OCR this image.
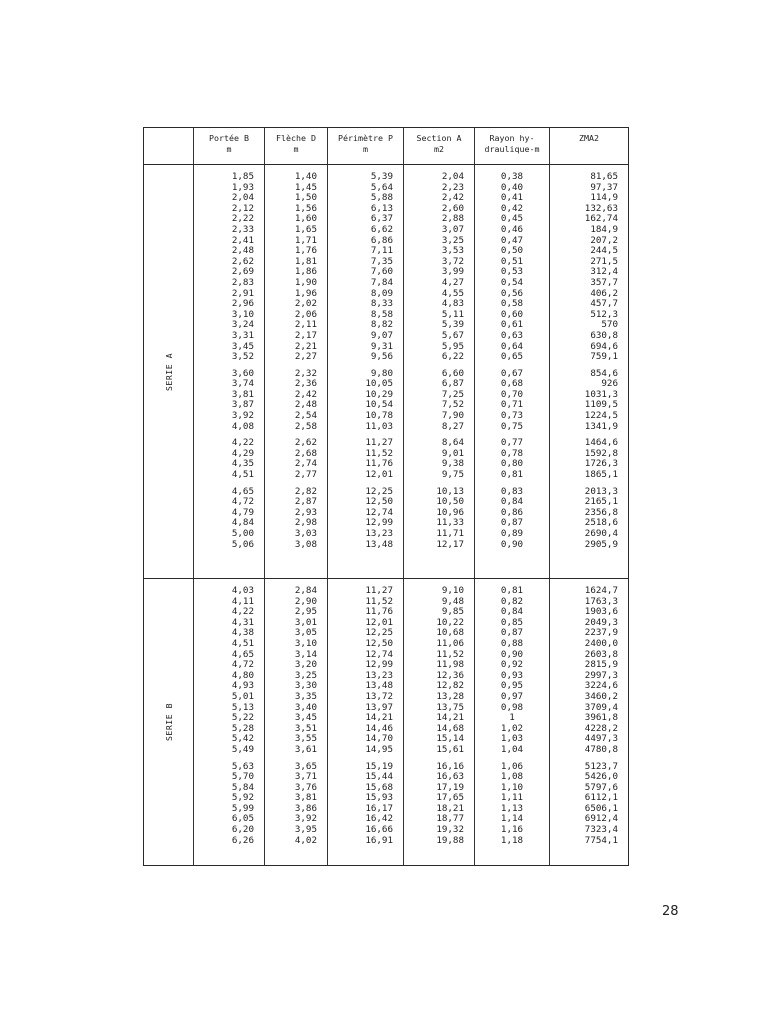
Portée B
m
Flèche D
m
Périmètre P
m
Section A
m2
Rayon hy-
draulique-m
ZMA2
SERIE A
1,85
1,93
2,04
2,12
2,22
2,33
2,41
2,48
2,62
2,69
2,83
2,91
2,96
3,10
3,24
3,31
3,45
3,52
3,60
3,74
3,81
3,87
3,92
4,08
4,22
4,29
4,35
4,51
4,65
4,72
4,79
4,84
5,00
5,06
1,40
1,45
1,50
1,56
1,60
1,65
1,71
1,76
1,81
1,86
1,90
1,96
2,02
2,06
2,11
2,17
2,21
2,27
2,32
2,36
2,42
2,48
2,54
2,58
2,62
2,68
2,74
2,77
2,82
2,87
2,93
2,98
3,03
3,08
5,39
5,64
5,88
6,13
6,37
6,62
6,86
7,11
7,35
7,60
7,84
8,09
8,33
8,58
8,82
9,07
9,31
9,56
9,80
10,05
10,29
10,54
10,78
11,03
11,27
11,52
11,76
12,01
12,25
12,50
12,74
12,99
13,23
13,48
2,04
2,23
2,42
2,60
2,88
3,07
3,25
3,53
3,72
3,99
4,27
4,55
4,83
5,11
5,39
5,67
5,95
6,22
6,60
6,87
7,25
7,52
7,90
8,27
8,64
9,01
9,38
9,75
10,13
10,50
10,96
11,33
11,71
12,17
0,38
0,40
0,41
0,42
0,45
0,46
0,47
0,50
0,51
0,53
0,54
0,56
0,58
0,60
0,61
0,63
0,64
0,65
0,67
0,68
0,70
0,71
0,73
0,75
0,77
0,78
0,80
0,81
0,83
0,84
0,86
0,87
0,89
0,90
81,65
97,37
114,9
132,63
162,74
184,9
207,2
244,5
271,5
312,4
357,7
406,2
457,7
512,3
570
630,8
694,6
759,1
854,6
926
1031,3
1109,5
1224,5
1341,9
1464,6
1592,8
1726,3
1865,1
2013,3
2165,1
2356,8
2518,6
2690,4
2905,9
SERIE B
4,03
4,11
4,22
4,31
4,38
4,51
4,65
4,72
4,80
4,93
5,01
5,13
5,22
5,28
5,42
5,49
5,63
5,70
5,84
5,92
5,99
6,05
6,20
6,26
2,84
2,90
2,95
3,01
3,05
3,10
3,14
3,20
3,25
3,30
3,35
3,40
3,45
3,51
3,55
3,61
3,65
3,71
3,76
3,81
3,86
3,92
3,95
4,02
11,27
11,52
11,76
12,01
12,25
12,50
12,74
12,99
13,23
13,48
13,72
13,97
14,21
14,46
14,70
14,95
15,19
15,44
15,68
15,93
16,17
16,42
16,66
16,91
9,10
9,48
9,85
10,22
10,68
11,06
11,52
11,98
12,36
12,82
13,28
13,75
14,21
14,68
15,14
15,61
16,16
16,63
17,19
17,65
18,21
18,77
19,32
19,88
0,81
0,82
0,84
0,85
0,87
0,88
0,90
0,92
0,93
0,95
0,97
0,98
1
1,02
1,03
1,04
1,06
1,08
1,10
1,11
1,13
1,14
1,16
1,18
1624,7
1763,3
1903,6
2049,3
2237,9
2400,0
2603,8
2815,9
2997,3
3224,6
3460,2
3709,4
3961,8
4228,2
4497,3
4780,8
5123,7
5426,0
5797,6
6112,1
6506,1
6912,4
7323,4
7754,1
28
